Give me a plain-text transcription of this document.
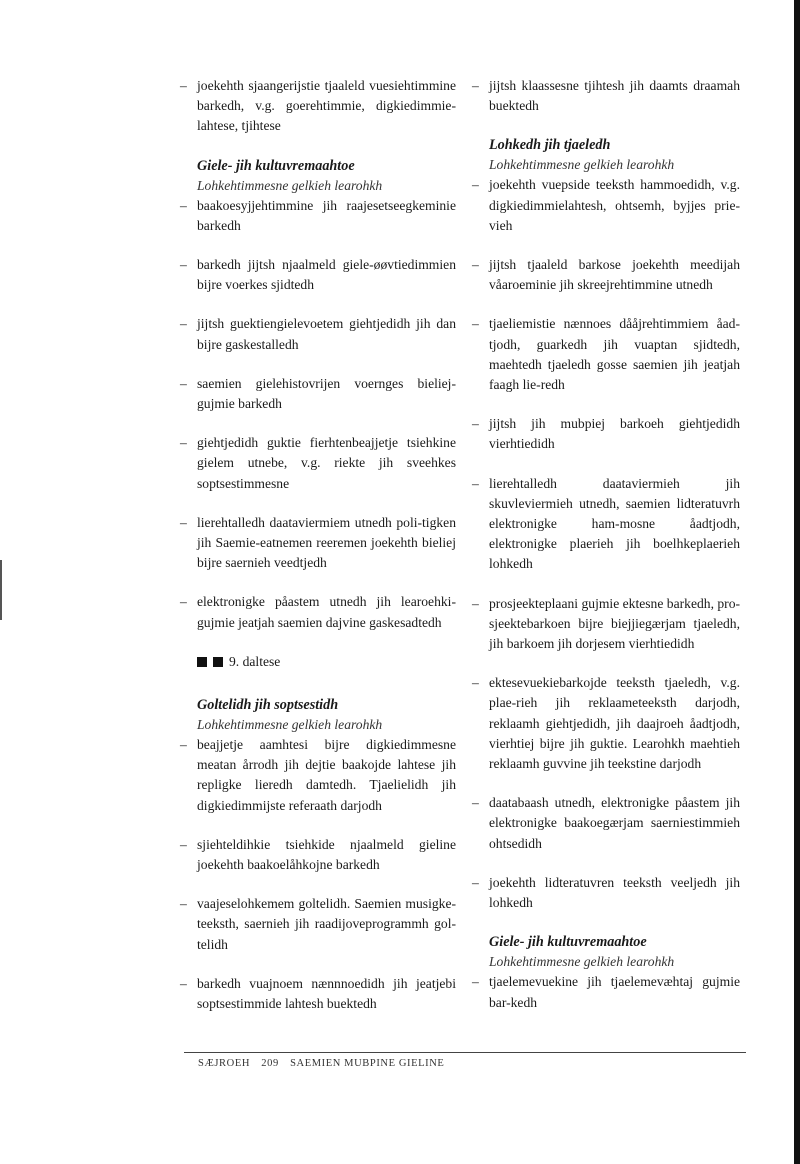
– joekehth sjaangerijstie tjaaleld vuesiehtimmine barkedh, v.g. goerehtimmie, digkiedimmie-lahtese, tjihtese
Giele- jih kultuvremaahtoe
Lohkehtimmesne gelkieh learohkh
– baakoesyjjehtimmine jih raajesetseegkeminie barkedh
– barkedh jijtsh njaalmeld giele-øøvtiedimmien bijre voerkes sjidtedh
– jijtsh guektiengielevoetem giehtjedidh jih dan bijre gaskestalledh
– saemien gielehistovrijen voernges bieliej-gujmie barkedh
– giehtjedidh guktie fierhtenbeajjetje tsiehkine gielem utnebe, v.g. riekte jih sveehkes soptsestimmesne
– lierehtalledh daataviermiem utnedh poli-tigken jih Saemie-eatnemen reeremen joekehth bieliej bijre saernieh veedtjedh
– elektronigke påastem utnedh jih learoehki-gujmie jeatjah saemien dajvine gaskesadtedh
9. daltese
Goltelidh jih soptsestidh
Lohkehtimmesne gelkieh learohkh
– beajjetje aamhtesi bijre digkiedimmesne meatan årrodh jih dejtie baakojde lahtese jih repligke lieredh damtedh. Tjaelielidh jih digkiedimmijste referaath darjodh
– sjiehteldihkie tsiehkide njaalmeld gieline joekehth baakoelåhkojne barkedh
– vaajeselohkemem goltelidh. Saemien musigke-teeksth, saernieh jih raadijoveprogrammh gol-telidh
– barkedh vuajnoem nænnnoedidh jih jeatjebi soptsestimmide lahtesh buektedh
– jijtsh klaassesne tjihtesh jih daamts draamah buektedh
Lohkedh jih tjaeledh
Lohkehtimmesne gelkieh learohkh
– joekehth vuepside teeksth hammoedidh, v.g. digkiedimmielahtesh, ohtsemh, byjjes prie-vieh
– jijtsh tjaaleld barkose joekehth meedijah våaroeminie jih skreejrehtimmine utnedh
– tjaeliemistie nænnoes dååjrehtimmiem åad-tjodh, guarkedh jih vuaptan sjidtedh, maehtedh tjaeledh gosse saemien jih jeatjah faagh lie-redh
– jijtsh jih mubpiej barkoeh giehtjedidh vierhtiedidh
– lierehtalledh daataviermieh jih skuvleviermieh utnedh, saemien lidteratuvrh elektronigke ham-mosne åadtjodh, elektronigke plaerieh jih boelhkeplaerieh lohkedh
– prosjeekteplaani gujmie ektesne barkedh, pro-sjeektebarkoen bijre biejjiegærjam tjaeledh, jih barkoem jih dorjesem vierhtiedidh
– ektesevuekiebarkojde teeksth tjaeledh, v.g. plae-rieh jih reklaameteeksth darjodh, reklaamh giehtjedidh, jih daajroeh åadtjodh, vierhtiej bijre jih guktie. Learohkh maehtieh reklaamh guvvine jih teekstine darjodh
– daatabaash utnedh, elektronigke påastem jih elektronigke baakoegærjam saerniestimmieh ohtsedidh
– joekehth lidteratuvren teeksth veeljedh jih lohkedh
Giele- jih kultuvremaahtoe
Lohkehtimmesne gelkieh learohkh
– tjaelemevuekine jih tjaelemevæhtaj gujmie bar-kedh
SÆJROEH 209 SAEMIEN MUBPINE GIELINE
